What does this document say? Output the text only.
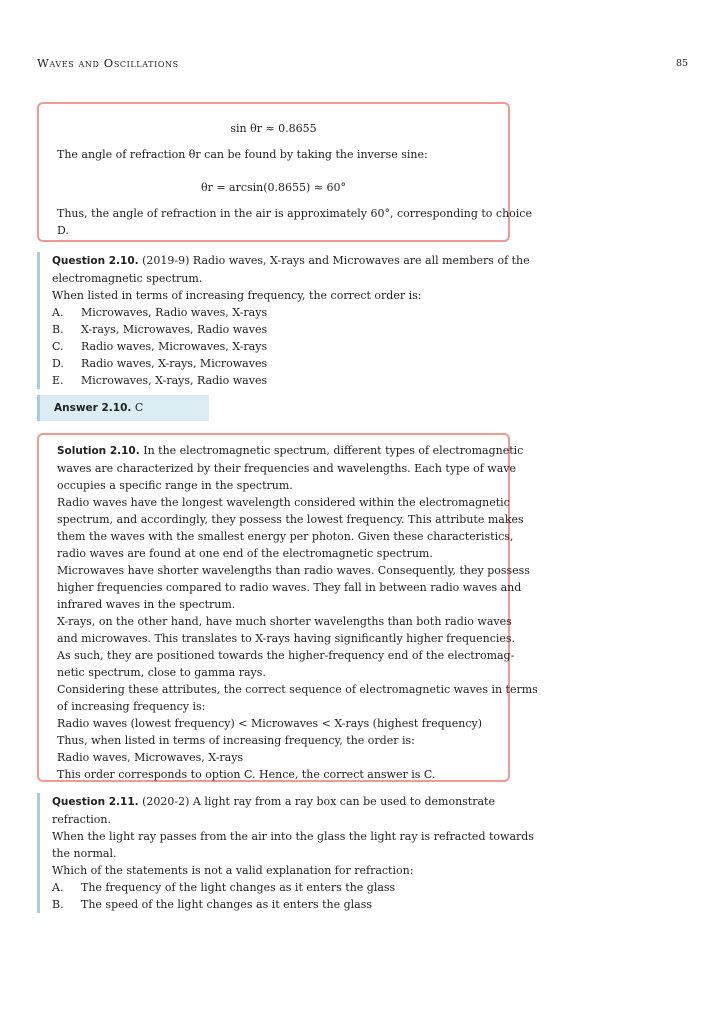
Waves and Oscillations	85

sin θr ≈ 0.8655

The angle of refraction θr can be found by taking the inverse sine:

θr = arcsin(0.8655) ≈ 60°

Thus, the angle of refraction in the air is approximately 60°, corresponding to choice

D.

Question 2.10. (2019-9) Radio waves, X-rays and Microwaves are all members of the

electromagnetic spectrum.

When listed in terms of increasing frequency, the correct order is:

A.	Microwaves, Radio waves, X-rays
B.	X-rays, Microwaves, Radio waves
C.	Radio waves, Microwaves, X-rays
D.	Radio waves, X-rays, Microwaves
E.	Microwaves, X-rays, Radio waves
Answer 2.10. C

Solution 2.10. In the electromagnetic spectrum, different types of electromagnetic

waves are characterized by their frequencies and wavelengths. Each type of wave

occupies a specific range in the spectrum.

Radio waves have the longest wavelength considered within the electromagnetic

spectrum, and accordingly, they possess the lowest frequency. This attribute makes

them the waves with the smallest energy per photon. Given these characteristics,

radio waves are found at one end of the electromagnetic spectrum.

Microwaves have shorter wavelengths than radio waves. Consequently, they possess

higher frequencies compared to radio waves. They fall in between radio waves and

infrared waves in the spectrum.

X-rays, on the other hand, have much shorter wavelengths than both radio waves

and microwaves. This translates to X-rays having significantly higher frequencies.

As such, they are positioned towards the higher-frequency end of the electromag-

netic spectrum, close to gamma rays.

Considering these attributes, the correct sequence of electromagnetic waves in terms

of increasing frequency is:

Radio waves (lowest frequency) < Microwaves < X-rays (highest frequency)

Thus, when listed in terms of increasing frequency, the order is:

Radio waves, Microwaves, X-rays

This order corresponds to option C. Hence, the correct answer is C.

Question 2.11. (2020-2) A light ray from a ray box can be used to demonstrate

refraction.

When the light ray passes from the air into the glass the light ray is refracted towards

the normal.

Which of the statements is not a valid explanation for refraction:

A.	The frequency of the light changes as it enters the glass
B.	The speed of the light changes as it enters the glass
